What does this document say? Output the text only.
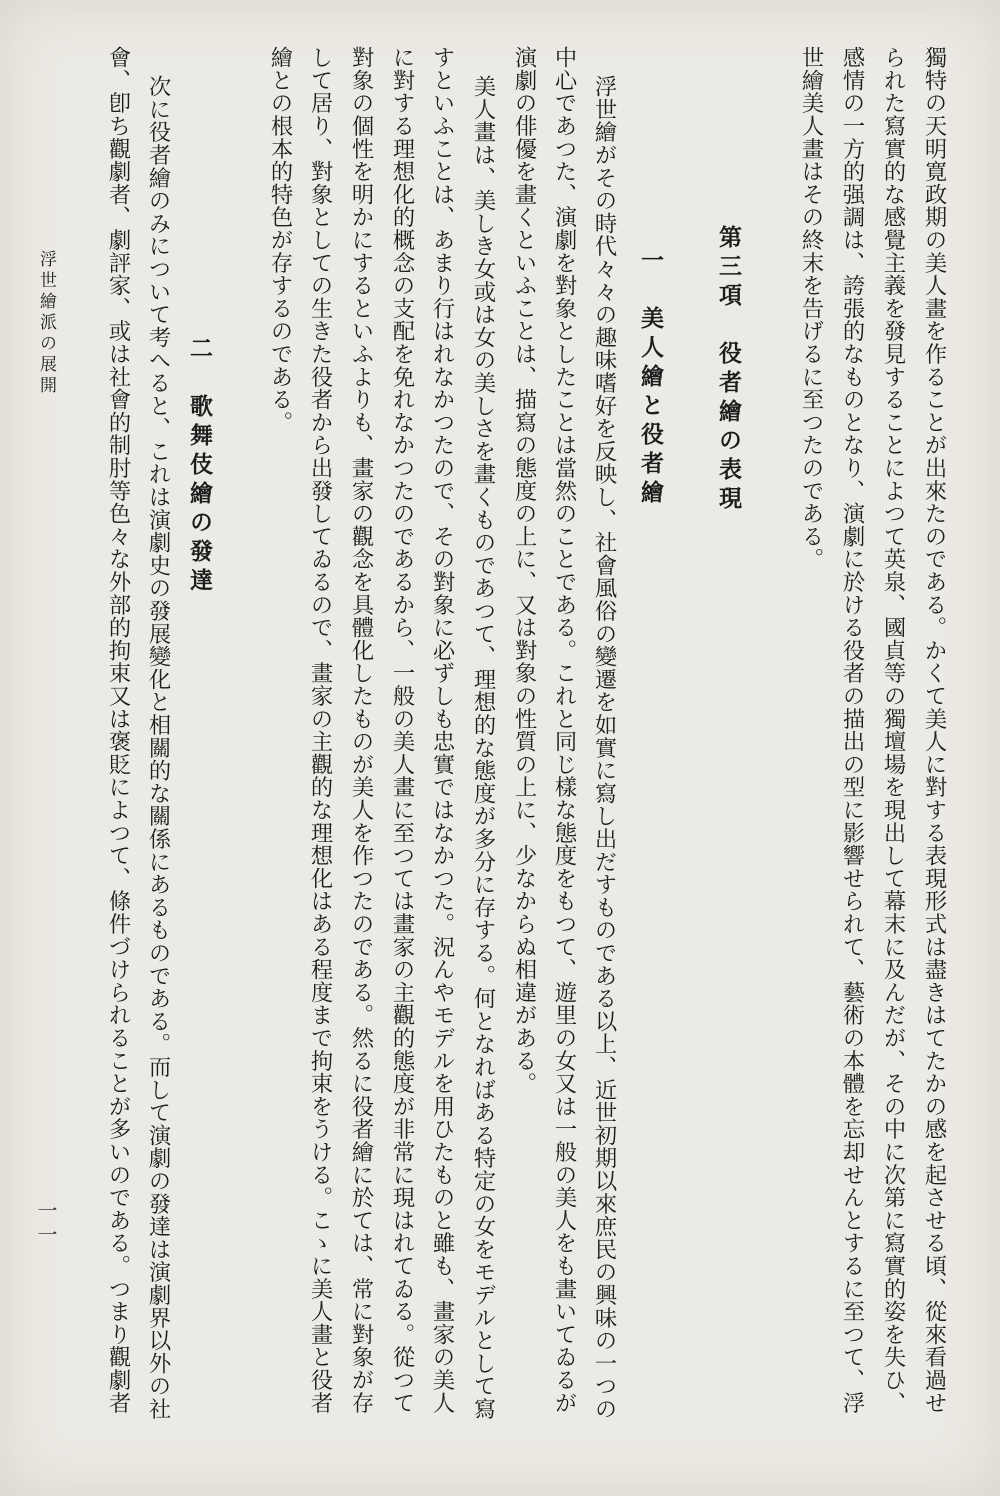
獨特の天明寛政期の美人畫を作ることが出來たのである。かくて美人に對する表現形式は盡きはてたかの感を起させる頃、從來看過せ

られた寫實的な感覺主義を發見することによつて英泉、國貞等の獨壇場を現出して幕末に及んだが、その中に次第に寫實的姿を失ひ、

感情の一方的强調は、誇張的なものとなり、演劇に於ける役者の描出の型に影響せられて、藝術の本體を忘却せんとするに至つて、浮

世繪美人畫はその終末を告げるに至つたのである。

第三項　役者繪の表現

一　美人繪と役者繪

浮世繪がその時代々々の趣味嗜好を反映し、社會風俗の變遷を如實に寫し出だすものである以上、近世初期以來庶民の興味の一つの

中心であつた、演劇を對象としたことは當然のことである。これと同じ樣な態度をもつて、遊里の女又は一般の美人をも畫いてゐるが

演劇の俳優を畫くといふことは、描寫の態度の上に、又は對象の性質の上に、少なからぬ相違がある。

美人畫は、美しき女或は女の美しさを畫くものであつて、理想的な態度が多分に存する。何となればある特定の女をモデルとして寫

すといふことは、あまり行はれなかつたので、その對象に必ずしも忠實ではなかつた。況んやモデルを用ひたものと雖も、畫家の美人

に對する理想化的概念の支配を免れなかつたのであるから、一般の美人畫に至つては畫家の主觀的態度が非常に現はれてゐる。從つて

對象の個性を明かにするといふよりも、畫家の觀念を具體化したものが美人を作つたのである。然るに役者繪に於ては、常に對象が存

して居り、對象としての生きた役者から出發してゐるので、畫家の主觀的な理想化はある程度まで拘束をうける。こゝに美人畫と役者

繪との根本的特色が存するのである。

二　歌舞伎繪の發達

次に役者繪のみについて考へると、これは演劇史の發展變化と相關的な關係にあるものである。而して演劇の發達は演劇界以外の社

會、卽ち觀劇者、劇評家、或は社會的制肘等色々な外部的拘束又は褒貶によつて、條件づけられることが多いのである。つまり觀劇者

浮世繪派の展開

一一
